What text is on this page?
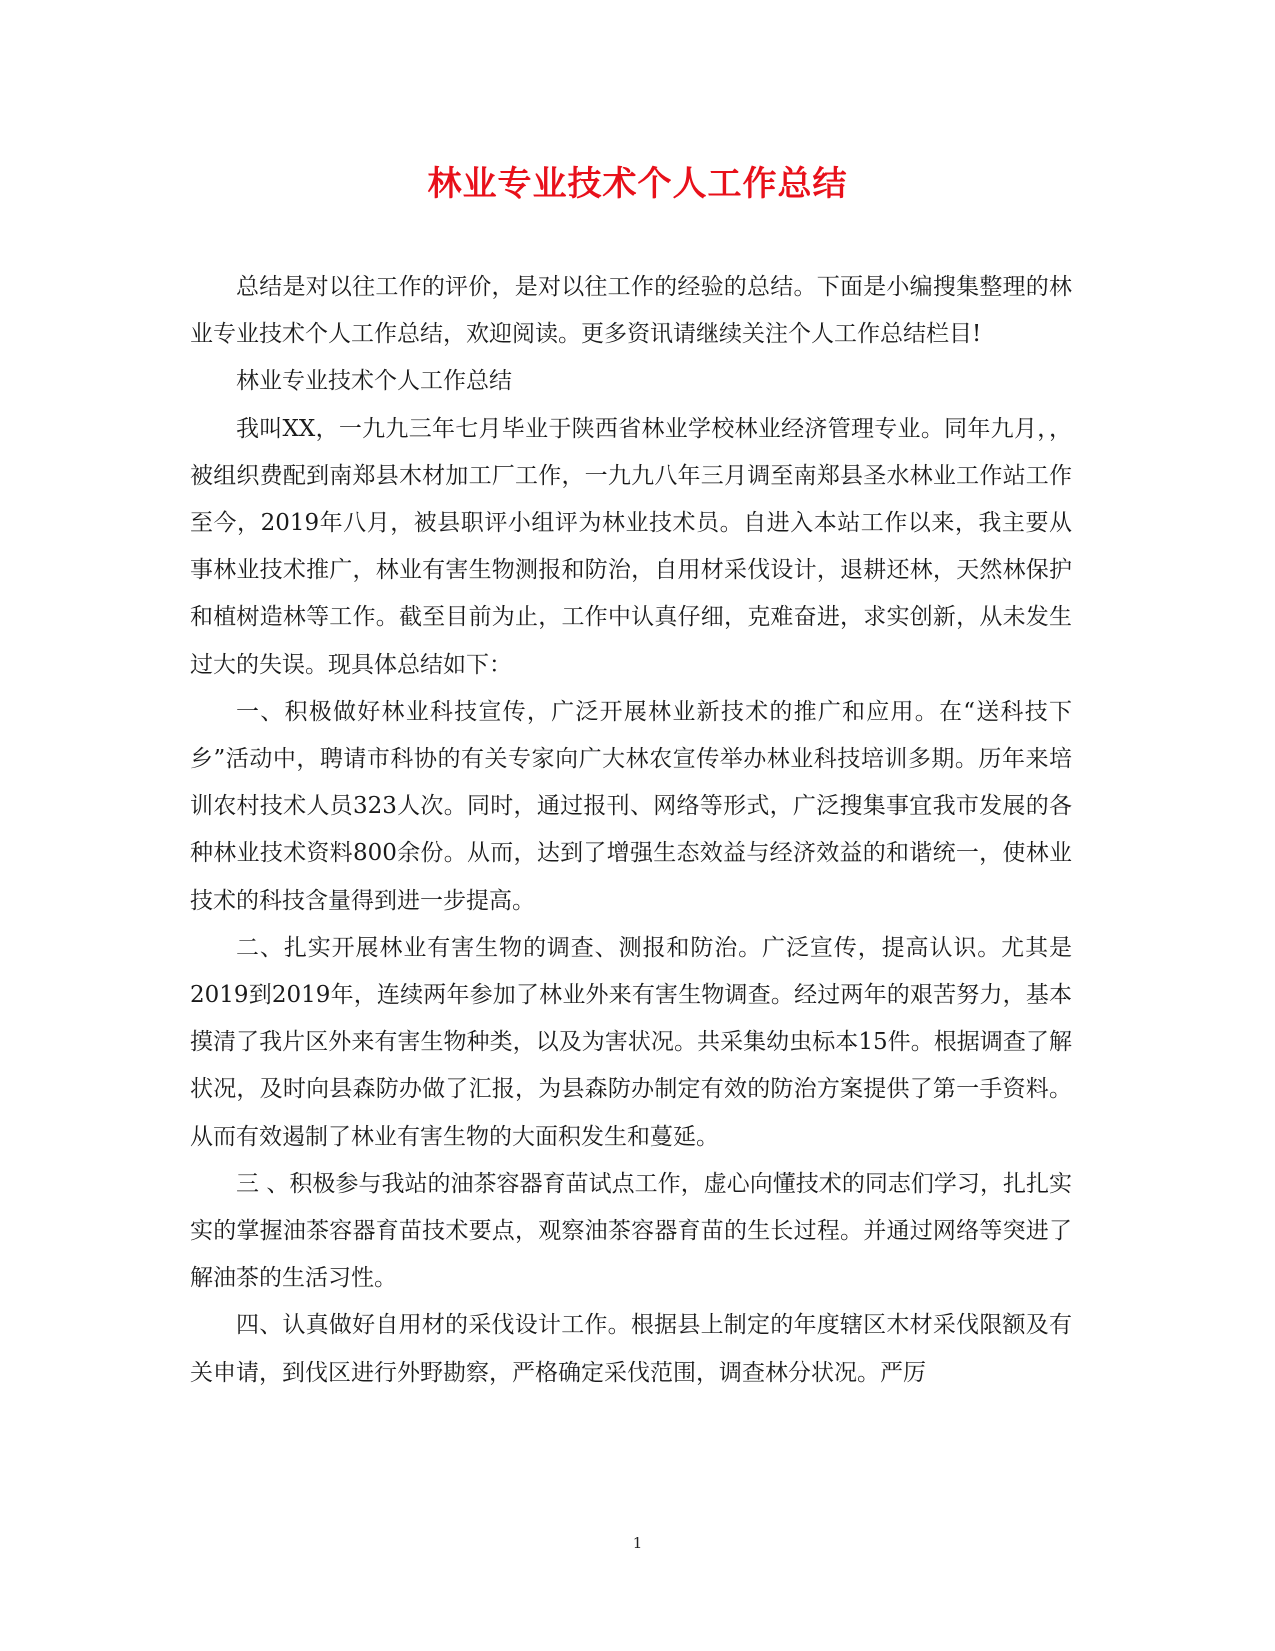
林业专业技术个人工作总结

总结是对以往工作的评价，是对以往工作的经验的总结。下面是小编搜集整理的林业专业技术个人工作总结，欢迎阅读。更多资讯请继续关注个人工作总结栏目!

林业专业技术个人工作总结

我叫XX，一九九三年七月毕业于陕西省林业学校林业经济管理专业。同年九月，，被组织费配到南郑县木材加工厂工作，一九九八年三月调至南郑县圣水林业工作站工作至今，2019年八月，被县职评小组评为林业技术员。自进入本站工作以来，我主要从事林业技术推广，林业有害生物测报和防治，自用材采伐设计，退耕还林，天然林保护和植树造林等工作。截至目前为止，工作中认真仔细，克难奋进，求实创新，从未发生过大的失误。现具体总结如下：

一、积极做好林业科技宣传，广泛开展林业新技术的推广和应用。在“送科技下乡”活动中，聘请市科协的有关专家向广大林农宣传举办林业科技培训多期。历年来培训农村技术人员323人次。同时，通过报刊、网络等形式，广泛搜集事宜我市发展的各种林业技术资料800余份。从而，达到了增强生态效益与经济效益的和谐统一，使林业技术的科技含量得到进一步提高。

二、扎实开展林业有害生物的调查、测报和防治。广泛宣传，提高认识。尤其是2019到2019年，连续两年参加了林业外来有害生物调查。经过两年的艰苦努力，基本摸清了我片区外来有害生物种类，以及为害状况。共采集幼虫标本15件。根据调查了解状况，及时向县森防办做了汇报，为县森防办制定有效的防治方案提供了第一手资料。从而有效遏制了林业有害生物的大面积发生和蔓延。

三 、积极参与我站的油茶容器育苗试点工作，虚心向懂技术的同志们学习，扎扎实实的掌握油茶容器育苗技术要点，观察油茶容器育苗的生长过程。并通过网络等突进了解油茶的生活习性。

四、认真做好自用材的采伐设计工作。根据县上制定的年度辖区木材采伐限额及有关申请，到伐区进行外野勘察，严格确定采伐范围，调查林分状况。严厉

1
